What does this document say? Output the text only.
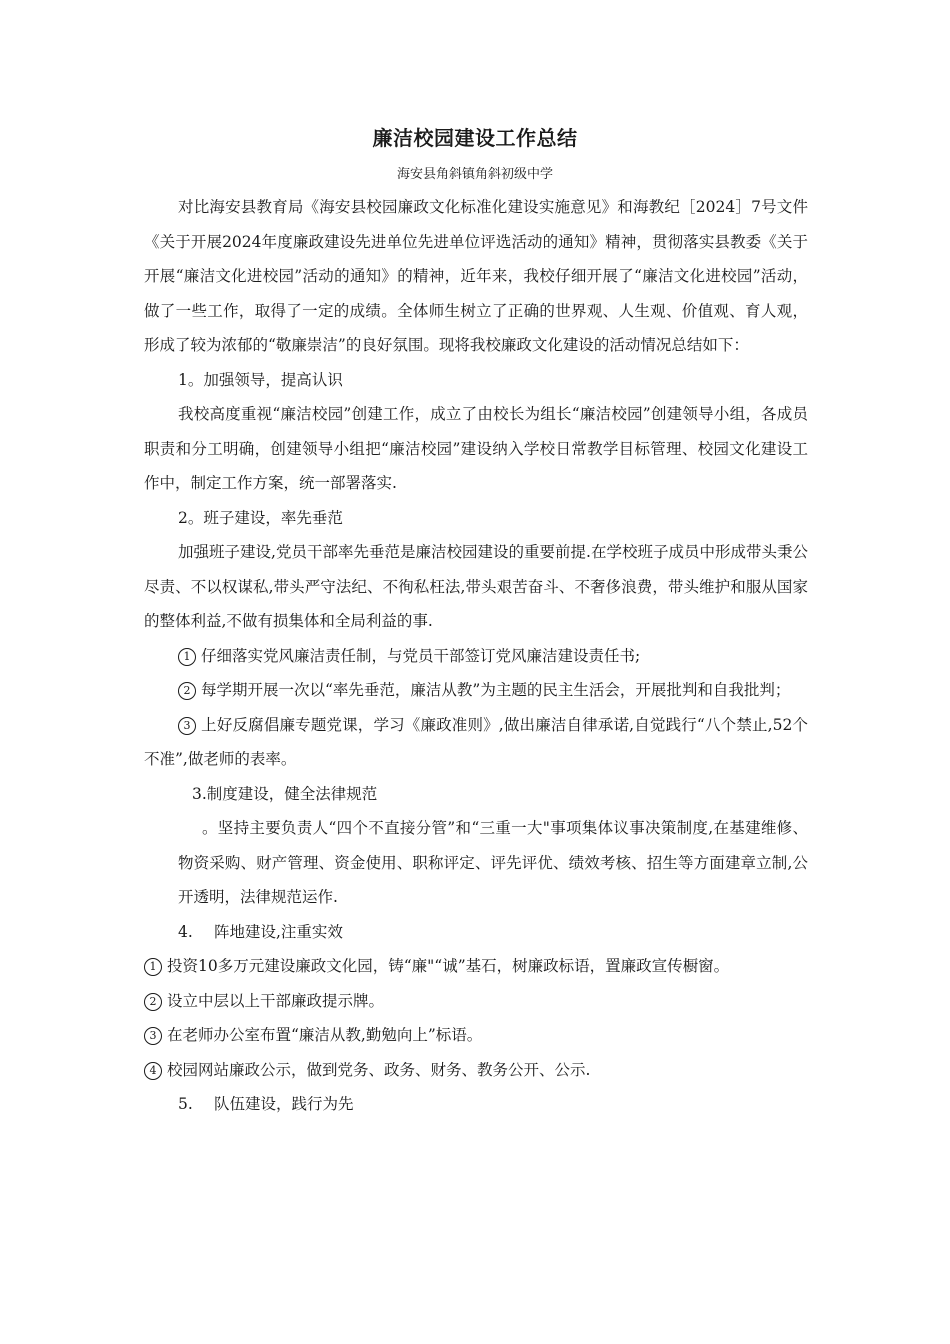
廉洁校园建设工作总结
海安县角斜镇角斜初级中学

对比海安县教育局《海安县校园廉政文化标准化建设实施意见》和海教纪［2024］7号文件《关于开展2024年度廉政建设先进单位先进单位评选活动的通知》精神，贯彻落实县教委《关于开展“廉洁文化进校园”活动的通知》的精神，近年来，我校仔细开展了“廉洁文化进校园”活动，做了一些工作，取得了一定的成绩。全体师生树立了正确的世界观、人生观、价值观、育人观，形成了较为浓郁的“敬廉崇洁”的良好氛围。现将我校廉政文化建设的活动情况总结如下：

1。加强领导，提高认识

我校高度重视“廉洁校园”创建工作，成立了由校长为组长“廉洁校园”创建领导小组，各成员职责和分工明确，创建领导小组把“廉洁校园”建设纳入学校日常教学目标管理、校园文化建设工作中，制定工作方案，统一部署落实.

2。班子建设，率先垂范

加强班子建设,党员干部率先垂范是廉洁校园建设的重要前提.在学校班子成员中形成带头秉公尽责、不以权谋私,带头严守法纪、不徇私枉法,带头艰苦奋斗、不奢侈浪费，带头维护和服从国家的整体利益,不做有损集体和全局利益的事.

1 仔细落实党风廉洁责任制，与党员干部签订党风廉洁建设责任书;

2 每学期开展一次以“率先垂范，廉洁从教”为主题的民主生活会，开展批判和自我批判；

3 上好反腐倡廉专题党课，学习《廉政准则》,做出廉洁自律承诺,自觉践行“八个禁止,52个不准”,做老师的表率。

3.制度建设，健全法律规范

。坚持主要负责人“四个不直接分管”和“三重一大"事项集体议事决策制度,在基建维修、物资采购、财产管理、资金使用、职称评定、评先评优、绩效考核、招生等方面建章立制,公开透明，法律规范运作.

4. 阵地建设,注重实效

1 投资10多万元建设廉政文化园，铸“廉"“诚”基石，树廉政标语，置廉政宣传橱窗。

2 设立中层以上干部廉政提示牌。

3 在老师办公室布置“廉洁从教,勤勉向上”标语。

4 校园网站廉政公示，做到党务、政务、财务、教务公开、公示.

5. 队伍建设，践行为先
